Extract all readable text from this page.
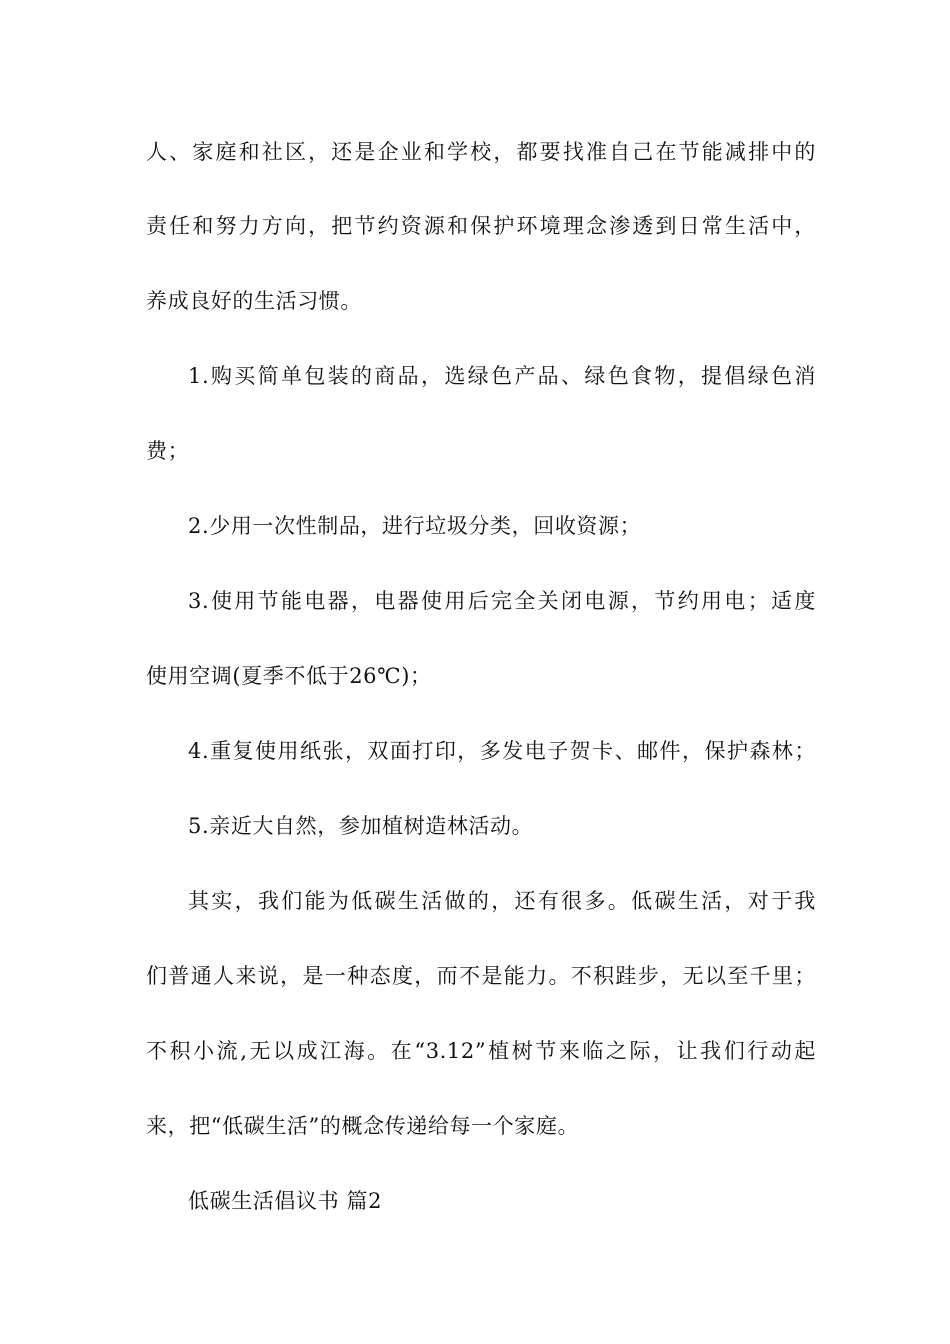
人、家庭和社区，还是企业和学校，都要找准自己在节能减排中的

责任和努力方向，把节约资源和保护环境理念渗透到日常生活中，

养成良好的生活习惯。

1.购买简单包装的商品，选绿色产品、绿色食物，提倡绿色消

费；

2.少用一次性制品，进行垃圾分类，回收资源；

3.使用节能电器，电器使用后完全关闭电源，节约用电；适度

使用空调(夏季不低于26℃)；

4.重复使用纸张，双面打印，多发电子贺卡、邮件，保护森林；

5.亲近大自然，参加植树造林活动。

其实，我们能为低碳生活做的，还有很多。低碳生活，对于我

们普通人来说，是一种态度，而不是能力。不积跬步，无以至千里；

不积小流,无以成江海。在“3.12”植树节来临之际，让我们行动起

来，把“低碳生活”的概念传递给每一个家庭。

低碳生活倡议书 篇2
